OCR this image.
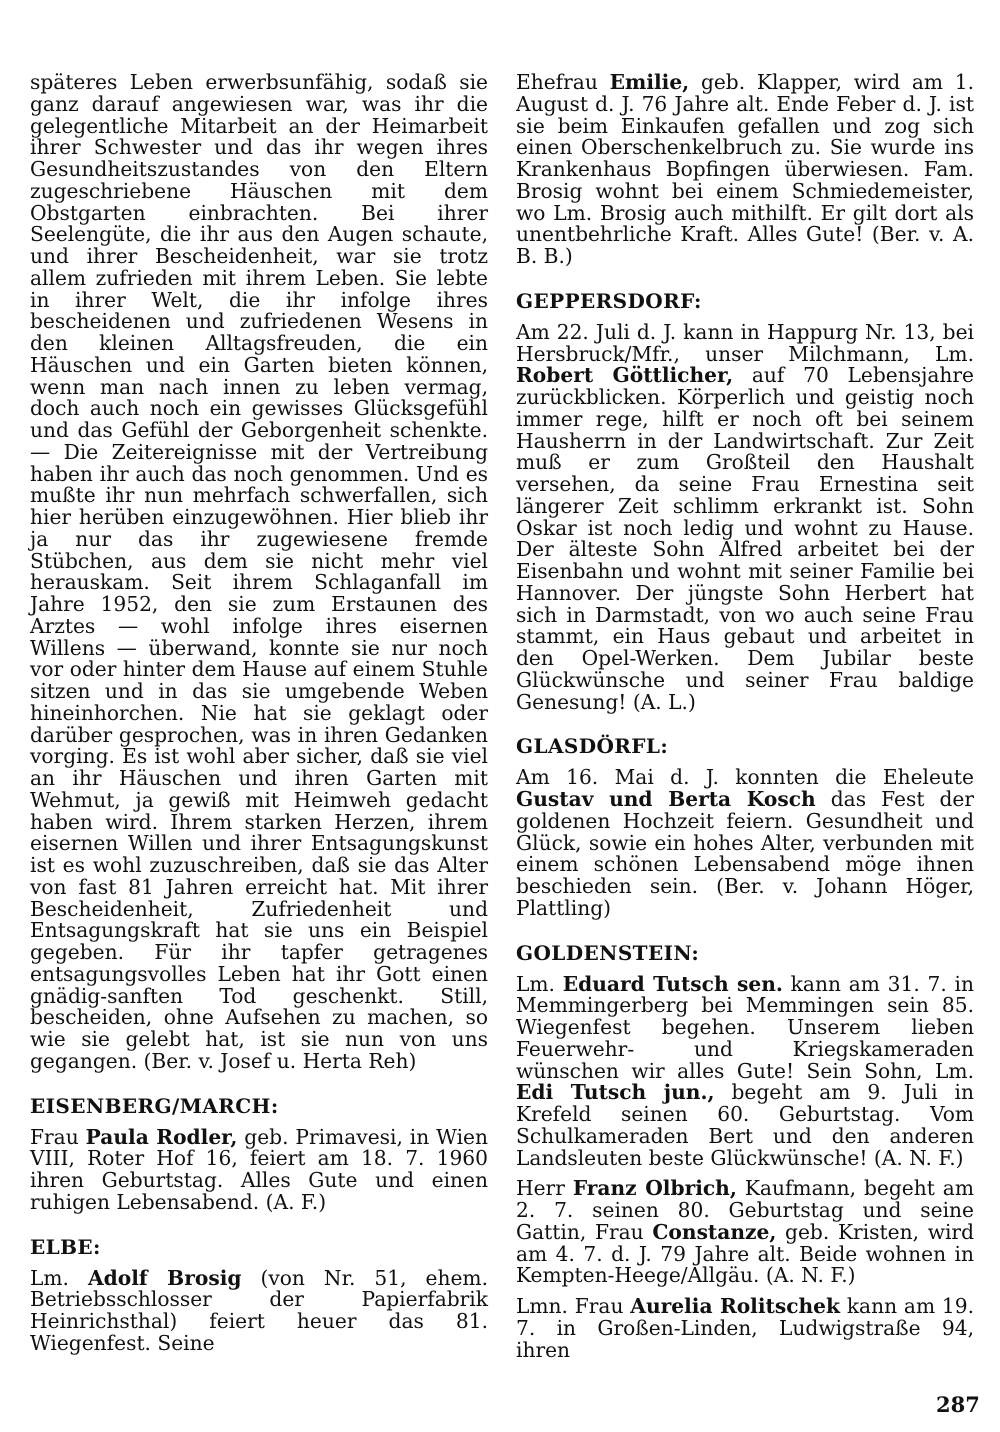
späteres Leben erwerbsunfähig, sodaß sie ganz darauf angewiesen war, was ihr die gelegentliche Mitarbeit an der Heimarbeit ihrer Schwester und das ihr wegen ihres Gesundheitszustandes von den Eltern zugeschriebene Häuschen mit dem Obstgarten einbrachten. Bei ihrer Seelengüte, die ihr aus den Augen schaute, und ihrer Bescheidenheit, war sie trotz allem zufrieden mit ihrem Leben. Sie lebte in ihrer Welt, die ihr infolge ihres bescheidenen und zufriedenen Wesens in den kleinen Alltagsfreuden, die ein Häuschen und ein Garten bieten können, wenn man nach innen zu leben vermag, doch auch noch ein gewisses Glücksgefühl und das Gefühl der Geborgenheit schenkte. — Die Zeitereignisse mit der Vertreibung haben ihr auch das noch genommen. Und es mußte ihr nun mehrfach schwerfallen, sich hier herüben einzugewöhnen. Hier blieb ihr ja nur das ihr zugewiesene fremde Stübchen, aus dem sie nicht mehr viel herauskam. Seit ihrem Schlaganfall im Jahre 1952, den sie zum Erstaunen des Arztes — wohl infolge ihres eisernen Willens — überwand, konnte sie nur noch vor oder hinter dem Hause auf einem Stuhle sitzen und in das sie umgebende Weben hineinhorchen. Nie hat sie geklagt oder darüber gesprochen, was in ihren Gedanken vorging. Es ist wohl aber sicher, daß sie viel an ihr Häuschen und ihren Garten mit Wehmut, ja gewiß mit Heimweh gedacht haben wird. Ihrem starken Herzen, ihrem eisernen Willen und ihrer Entsagungskunst ist es wohl zuzuschreiben, daß sie das Alter von fast 81 Jahren erreicht hat. Mit ihrer Bescheidenheit, Zufriedenheit und Entsagungskraft hat sie uns ein Beispiel gegeben. Für ihr tapfer getragenes entsagungsvolles Leben hat ihr Gott einen gnädig-sanften Tod geschenkt. Still, bescheiden, ohne Aufsehen zu machen, so wie sie gelebt hat, ist sie nun von uns gegangen. (Ber. v. Josef u. Herta Reh)

EISENBERG/MARCH:

Frau Paula Rodler, geb. Primavesi, in Wien VIII, Roter Hof 16, feiert am 18. 7. 1960 ihren Geburtstag. Alles Gute und einen ruhigen Lebensabend. (A. F.)

ELBE:

Lm. Adolf Brosig (von Nr. 51, ehem. Betriebsschlosser der Papierfabrik Heinrichsthal) feiert heuer das 81. Wiegenfest. Seine

Ehefrau Emilie, geb. Klapper, wird am 1. August d. J. 76 Jahre alt. Ende Feber d. J. ist sie beim Einkaufen gefallen und zog sich einen Oberschenkelbruch zu. Sie wurde ins Krankenhaus Bopfingen überwiesen. Fam. Brosig wohnt bei einem Schmiedemeister, wo Lm. Brosig auch mithilft. Er gilt dort als unentbehrliche Kraft. Alles Gute! (Ber. v. A. B. B.)

GEPPERSDORF:

Am 22. Juli d. J. kann in Happurg Nr. 13, bei Hersbruck/Mfr., unser Milchmann, Lm. Robert Göttlicher, auf 70 Lebensjahre zurückblicken. Körperlich und geistig noch immer rege, hilft er noch oft bei seinem Hausherrn in der Landwirtschaft. Zur Zeit muß er zum Großteil den Haushalt versehen, da seine Frau Ernestina seit längerer Zeit schlimm erkrankt ist. Sohn Oskar ist noch ledig und wohnt zu Hause. Der älteste Sohn Alfred arbeitet bei der Eisenbahn und wohnt mit seiner Familie bei Hannover. Der jüngste Sohn Herbert hat sich in Darmstadt, von wo auch seine Frau stammt, ein Haus gebaut und arbeitet in den Opel-Werken. Dem Jubilar beste Glückwünsche und seiner Frau baldige Genesung! (A. L.)

GLASDÖRFL:

Am 16. Mai d. J. konnten die Eheleute Gustav und Berta Kosch das Fest der goldenen Hochzeit feiern. Gesundheit und Glück, sowie ein hohes Alter, verbunden mit einem schönen Lebensabend möge ihnen beschieden sein. (Ber. v. Johann Höger, Plattling)

GOLDENSTEIN:

Lm. Eduard Tutsch sen. kann am 31. 7. in Memmingerberg bei Memmingen sein 85. Wiegenfest begehen. Unserem lieben Feuerwehr- und Kriegskameraden wünschen wir alles Gute! Sein Sohn, Lm. Edi Tutsch jun., begeht am 9. Juli in Krefeld seinen 60. Geburtstag. Vom Schulkameraden Bert und den anderen Landsleuten beste Glückwünsche! (A. N. F.)

Herr Franz Olbrich, Kaufmann, begeht am 2. 7. seinen 80. Geburtstag und seine Gattin, Frau Constanze, geb. Kristen, wird am 4. 7. d. J. 79 Jahre alt. Beide wohnen in Kempten-Heege/Allgäu. (A. N. F.)

Lmn. Frau Aurelia Rolitschek kann am 19. 7. in Großen-Linden, Ludwigstraße 94, ihren

287
